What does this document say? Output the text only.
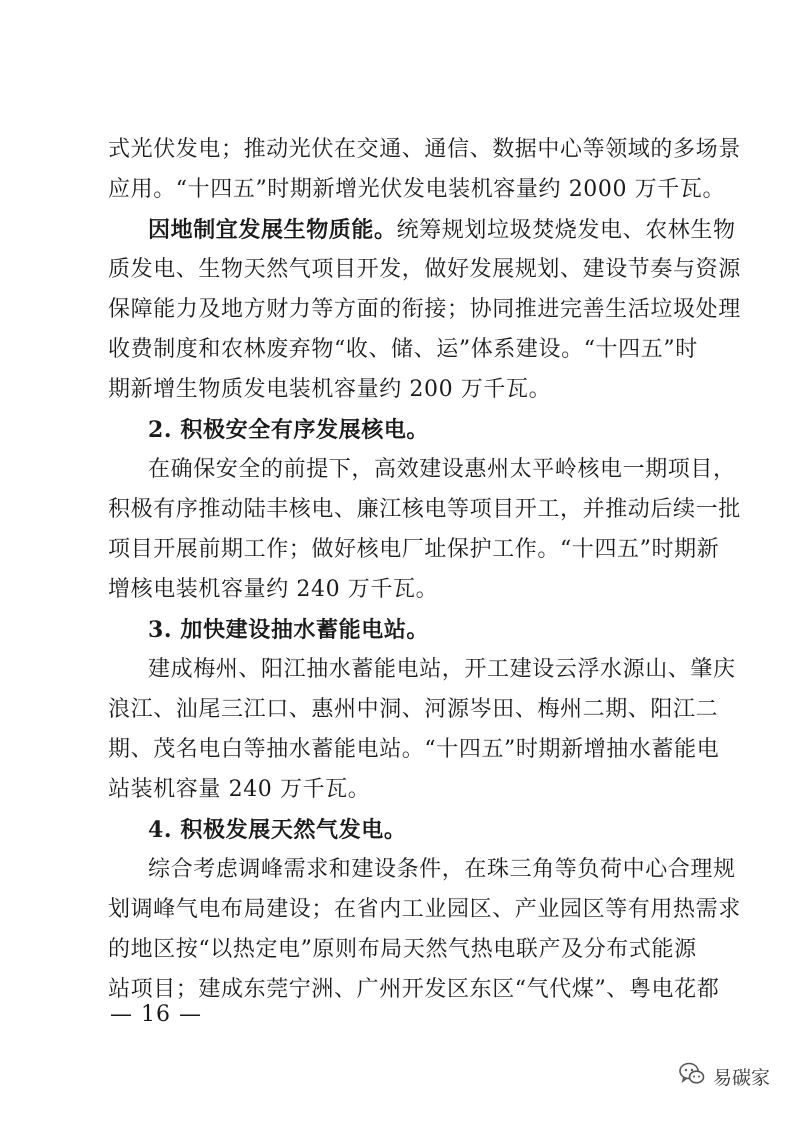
式光伏发电；推动光伏在交通、通信、数据中心等领域的多场景
应用。“十四五”时期新增光伏发电装机容量约 2000 万千瓦。
因地制宜发展生物质能。统筹规划垃圾焚烧发电、农林生物
质发电、生物天然气项目开发，做好发展规划、建设节奏与资源
保障能力及地方财力等方面的衔接；协同推进完善生活垃圾处理
收费制度和农林废弃物“收、储、运”体系建设。“十四五”时
期新增生物质发电装机容量约 200 万千瓦。
2. 积极安全有序发展核电。
在确保安全的前提下，高效建设惠州太平岭核电一期项目，
积极有序推动陆丰核电、廉江核电等项目开工，并推动后续一批
项目开展前期工作；做好核电厂址保护工作。“十四五”时期新
增核电装机容量约 240 万千瓦。
3. 加快建设抽水蓄能电站。
建成梅州、阳江抽水蓄能电站，开工建设云浮水源山、肇庆
浪江、汕尾三江口、惠州中洞、河源岑田、梅州二期、阳江二
期、茂名电白等抽水蓄能电站。“十四五”时期新增抽水蓄能电
站装机容量 240 万千瓦。
4. 积极发展天然气发电。
综合考虑调峰需求和建设条件，在珠三角等负荷中心合理规
划调峰气电布局建设；在省内工业园区、产业园区等有用热需求
的地区按“以热定电”原则布局天然气热电联产及分布式能源
站项目；建成东莞宁洲、广州开发区东区“气代煤”、粤电花都
— 16 —
易碳家
